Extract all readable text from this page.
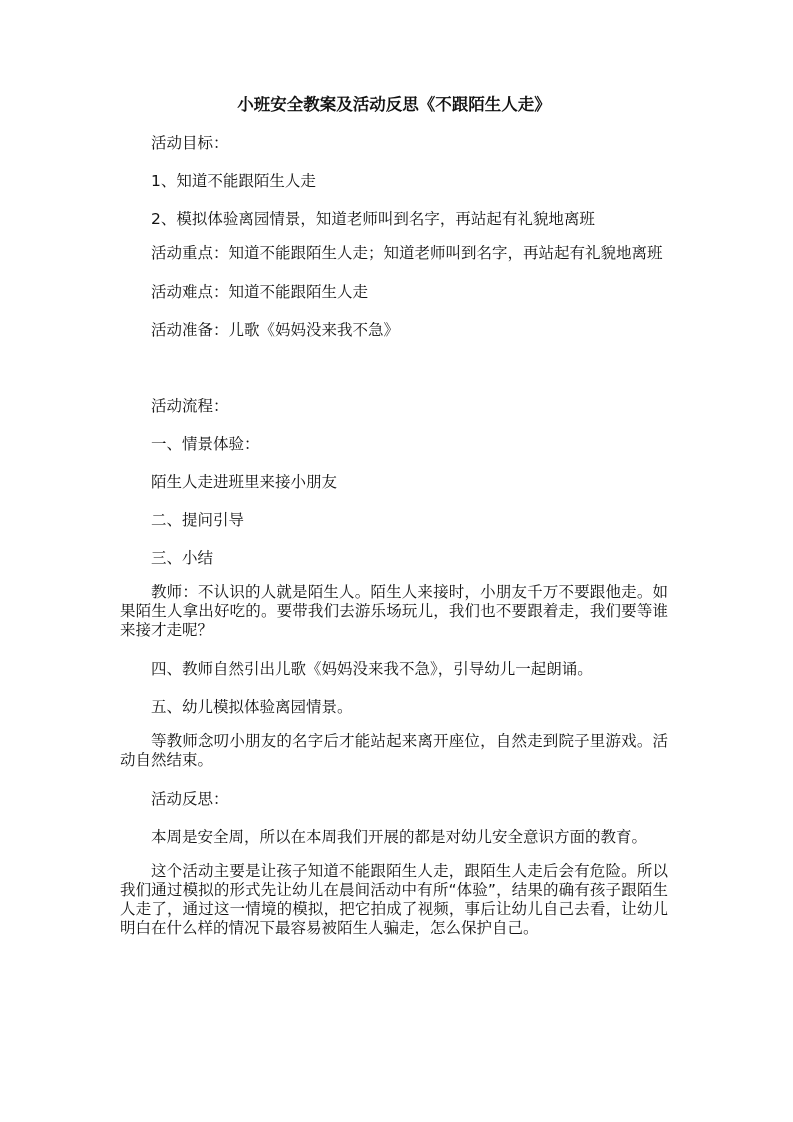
小班安全教案及活动反思《不跟陌生人走》

活动目标：

1、知道不能跟陌生人走

2、模拟体验离园情景，知道老师叫到名字，再站起有礼貌地离班

活动重点：知道不能跟陌生人走；知道老师叫到名字，再站起有礼貌地离班

活动难点：知道不能跟陌生人走

活动准备：儿歌《妈妈没来我不急》

活动流程：

一、情景体验：

陌生人走进班里来接小朋友

二、提问引导

三、小结

教师：不认识的人就是陌生人。陌生人来接时，小朋友千万不要跟他走。如果陌生人拿出好吃的。要带我们去游乐场玩儿，我们也不要跟着走，我们要等谁来接才走呢？

四、教师自然引出儿歌《妈妈没来我不急》，引导幼儿一起朗诵。

五、幼儿模拟体验离园情景。

等教师念叨小朋友的名字后才能站起来离开座位，自然走到院子里游戏。活动自然结束。

活动反思：

本周是安全周，所以在本周我们开展的都是对幼儿安全意识方面的教育。

这个活动主要是让孩子知道不能跟陌生人走，跟陌生人走后会有危险。所以我们通过模拟的形式先让幼儿在晨间活动中有所“体验”，结果的确有孩子跟陌生人走了，通过这一情境的模拟，把它拍成了视频，事后让幼儿自己去看，让幼儿明白在什么样的情况下最容易被陌生人骗走，怎么保护自己。
